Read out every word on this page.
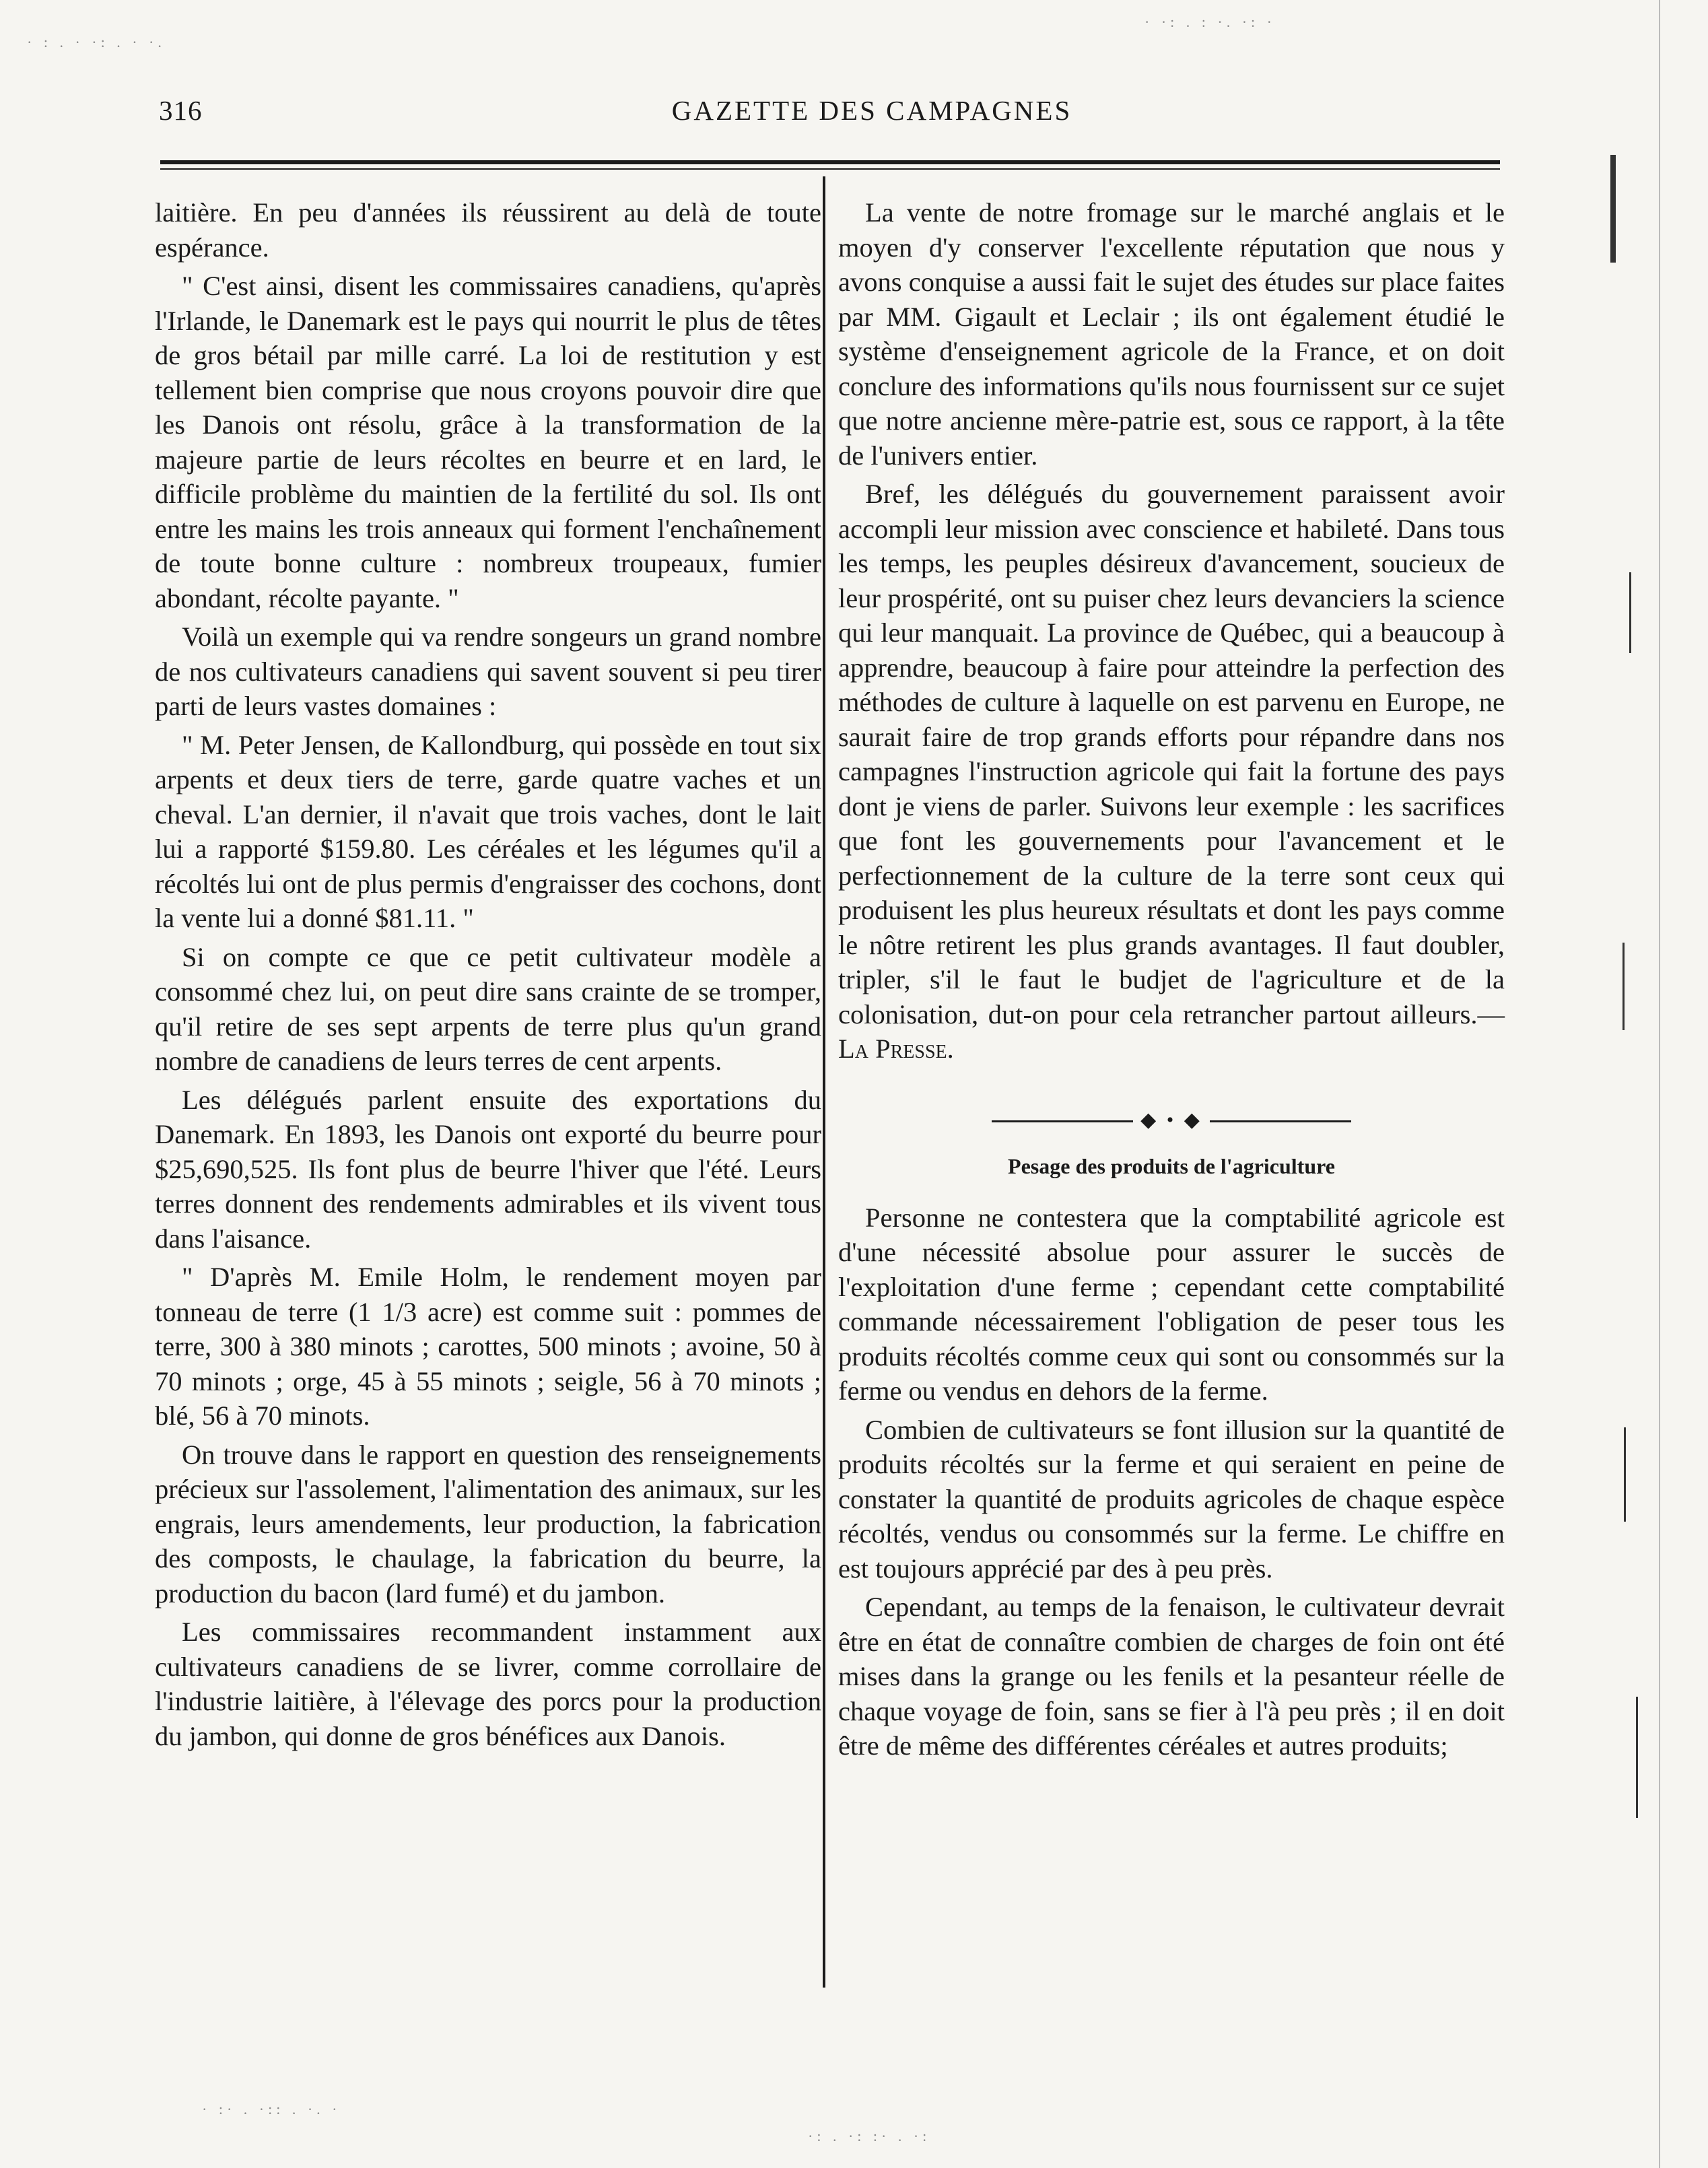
316	GAZETTE DES CAMPAGNES

laitière. En peu d'années ils réussirent au delà de toute espérance.

" C'est ainsi, disent les commissaires canadiens, qu'après l'Irlande, le Danemark est le pays qui nourrit le plus de têtes de gros bétail par mille carré. La loi de restitution y est tellement bien comprise que nous croyons pouvoir dire que les Danois ont résolu, grâce à la transformation de la majeure partie de leurs récoltes en beurre et en lard, le difficile problème du maintien de la fertilité du sol. Ils ont entre les mains les trois anneaux qui forment l'enchaînement de toute bonne culture : nombreux troupeaux, fumier abondant, récolte payante. "

Voilà un exemple qui va rendre songeurs un grand nombre de nos cultivateurs canadiens qui savent souvent si peu tirer parti de leurs vastes domaines :

" M. Peter Jensen, de Kallondburg, qui possède en tout six arpents et deux tiers de terre, garde quatre vaches et un cheval. L'an dernier, il n'avait que trois vaches, dont le lait lui a rapporté $159.80. Les céréales et les légumes qu'il a récoltés lui ont de plus permis d'engraisser des cochons, dont la vente lui a donné $81.11. "

Si on compte ce que ce petit cultivateur modèle a consommé chez lui, on peut dire sans crainte de se tromper, qu'il retire de ses sept arpents de terre plus qu'un grand nombre de canadiens de leurs terres de cent arpents.

Les délégués parlent ensuite des exportations du Danemark. En 1893, les Danois ont exporté du beurre pour $25,690,525. Ils font plus de beurre l'hiver que l'été. Leurs terres donnent des rendements admirables et ils vivent tous dans l'aisance.

" D'après M. Emile Holm, le rendement moyen par tonneau de terre (1 1/3 acre) est comme suit : pommes de terre, 300 à 380 minots ; carottes, 500 minots ; avoine, 50 à 70 minots ; orge, 45 à 55 minots ; seigle, 56 à 70 minots ; blé, 56 à 70 minots.

On trouve dans le rapport en question des renseignements précieux sur l'assolement, l'alimentation des animaux, sur les engrais, leurs amendements, leur production, la fabrication des composts, le chaulage, la fabrication du beurre, la production du bacon (lard fumé) et du jambon.

Les commissaires recommandent instamment aux cultivateurs canadiens de se livrer, comme corrollaire de l'industrie laitière, à l'élevage des porcs pour la production du jambon, qui donne de gros bénéfices aux Danois.

La vente de notre fromage sur le marché anglais et le moyen d'y conserver l'excellente réputation que nous y avons conquise a aussi fait le sujet des études sur place faites par MM. Gigault et Leclair ; ils ont également étudié le système d'enseignement agricole de la France, et on doit conclure des informations qu'ils nous fournissent sur ce sujet que notre ancienne mère-patrie est, sous ce rapport, à la tête de l'univers entier.

Bref, les délégués du gouvernement paraissent avoir accompli leur mission avec conscience et habileté. Dans tous les temps, les peuples désireux d'avancement, soucieux de leur prospérité, ont su puiser chez leurs devanciers la science qui leur manquait. La province de Québec, qui a beaucoup à apprendre, beaucoup à faire pour atteindre la perfection des méthodes de culture à laquelle on est parvenu en Europe, ne saurait faire de trop grands efforts pour répandre dans nos campagnes l'instruction agricole qui fait la fortune des pays dont je viens de parler. Suivons leur exemple : les sacrifices que font les gouvernements pour l'avancement et le perfectionnement de la culture de la terre sont ceux qui produisent les plus heureux résultats et dont les pays comme le nôtre retirent les plus grands avantages. Il faut doubler, tripler, s'il le faut le budjet de l'agriculture et de la colonisation, dut-on pour cela retrancher partout ailleurs.—La Presse.

◆ • ◆
Pesage des produits de l'agriculture

Personne ne contestera que la comptabilité agricole est d'une nécessité absolue pour assurer le succès de l'exploitation d'une ferme ; cependant cette comptabilité commande nécessairement l'obligation de peser tous les produits récoltés comme ceux qui sont ou consommés sur la ferme ou vendus en dehors de la ferme.

Combien de cultivateurs se font illusion sur la quantité de produits récoltés sur la ferme et qui seraient en peine de constater la quantité de produits agricoles de chaque espèce récoltés, vendus ou consommés sur la ferme. Le chiffre en est toujours apprécié par des à peu près.

Cependant, au temps de la fenaison, le cultivateur devrait être en état de connaître combien de charges de foin ont été mises dans la grange ou les fenils et la pesanteur réelle de chaque voyage de foin, sans se fier à l'à peu près ; il en doit être de même des différentes céréales et autres produits;

· : . · ·: . · ·.
· ·: . : ·. ·: ·
· :· . ·:: . ·. ·
·: . ·: :· . ·:
